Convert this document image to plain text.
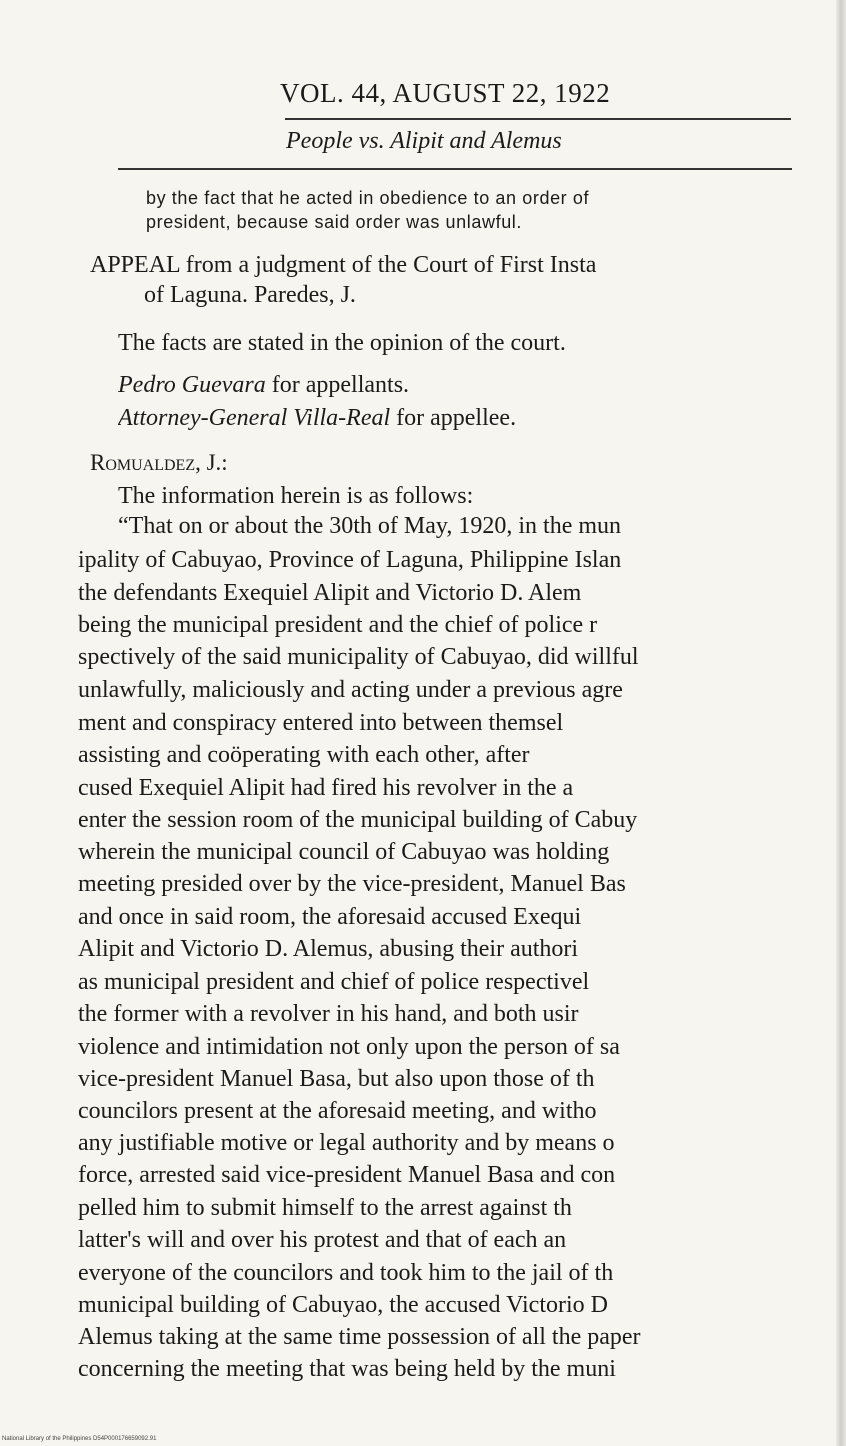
VOL. 44, AUGUST 22, 1922
People vs. Alipit and Alemus
by the fact that he acted in obedience to an order of
president, because said order was unlawful.
APPEAL from a judgment of the Court of First Insta
of Laguna. Paredes, J.
The facts are stated in the opinion of the court.
Pedro Guevara for appellants.
Attorney-General Villa-Real for appellee.
Romualdez, J.:
The information herein is as follows:
“That on or about the 30th of May, 1920, in the mun
ipality of Cabuyao, Province of Laguna, Philippine Islan
the defendants Exequiel Alipit and Victorio D. Alem
being the municipal president and the chief of police r
spectively of the said municipality of Cabuyao, did willful
unlawfully, maliciously and acting under a previous agre
ment and conspiracy entered into between themsel
assisting and coöperating with each other, after
cused Exequiel Alipit had fired his revolver in the a
enter the session room of the municipal building of Cabuy
wherein the municipal council of Cabuyao was holding
meeting presided over by the vice-president, Manuel Bas
and once in said room, the aforesaid accused Exequi
Alipit and Victorio D. Alemus, abusing their authori
as municipal president and chief of police respectivel
the former with a revolver in his hand, and both usir
violence and intimidation not only upon the person of sa
vice-president Manuel Basa, but also upon those of th
councilors present at the aforesaid meeting, and witho
any justifiable motive or legal authority and by means o
force, arrested said vice-president Manuel Basa and con
pelled him to submit himself to the arrest against th
latter's will and over his protest and that of each an
everyone of the councilors and took him to the jail of th
municipal building of Cabuyao, the accused Victorio D
Alemus taking at the same time possession of all the paper
concerning the meeting that was being held by the muni
National Library of the Philippines D54P000176659092.91
